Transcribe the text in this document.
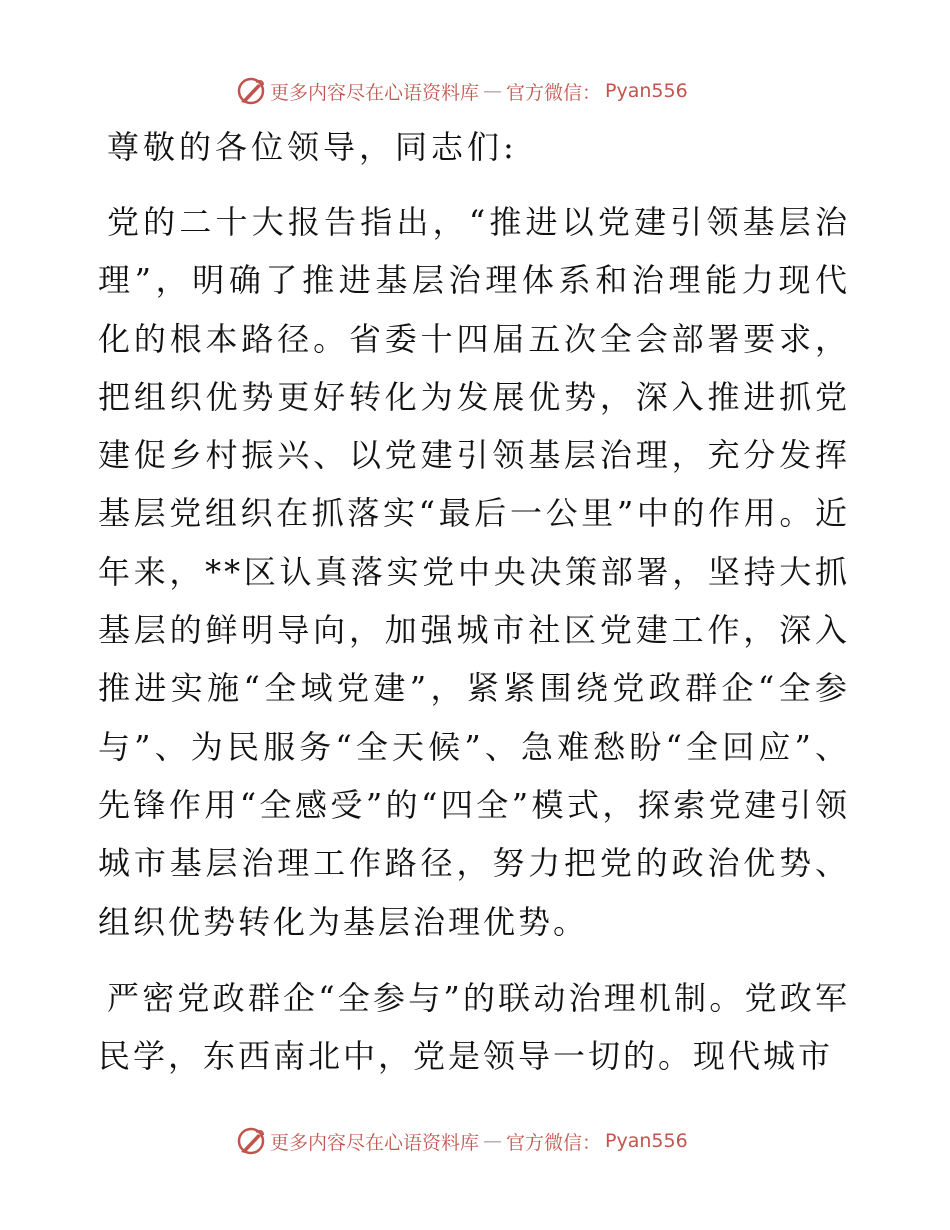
更多内容尽在心语资料库 — 官方微信： Pyan556

尊敬的各位领导，同志们:

党的二十大报告指出，“推进以党建引领基层治理”，明确了推进基层治理体系和治理能力现代化的根本路径。省委十四届五次全会部署要求，把组织优势更好转化为发展优势，深入推进抓党建促乡村振兴、以党建引领基层治理，充分发挥基层党组织在抓落实“最后一公里”中的作用。近年来，**区认真落实党中央决策部署，坚持大抓基层的鲜明导向，加强城市社区党建工作，深入推进实施“全域党建”，紧紧围绕党政群企“全参与”、为民服务“全天候”、急难愁盼“全回应”、先锋作用“全感受”的“四全”模式，探索党建引领城市基层治理工作路径，努力把党的政治优势、组织优势转化为基层治理优势。

严密党政群企“全参与”的联动治理机制。党政军民学，东西南北中，党是领导一切的。现代城市

更多内容尽在心语资料库 — 官方微信： Pyan556
